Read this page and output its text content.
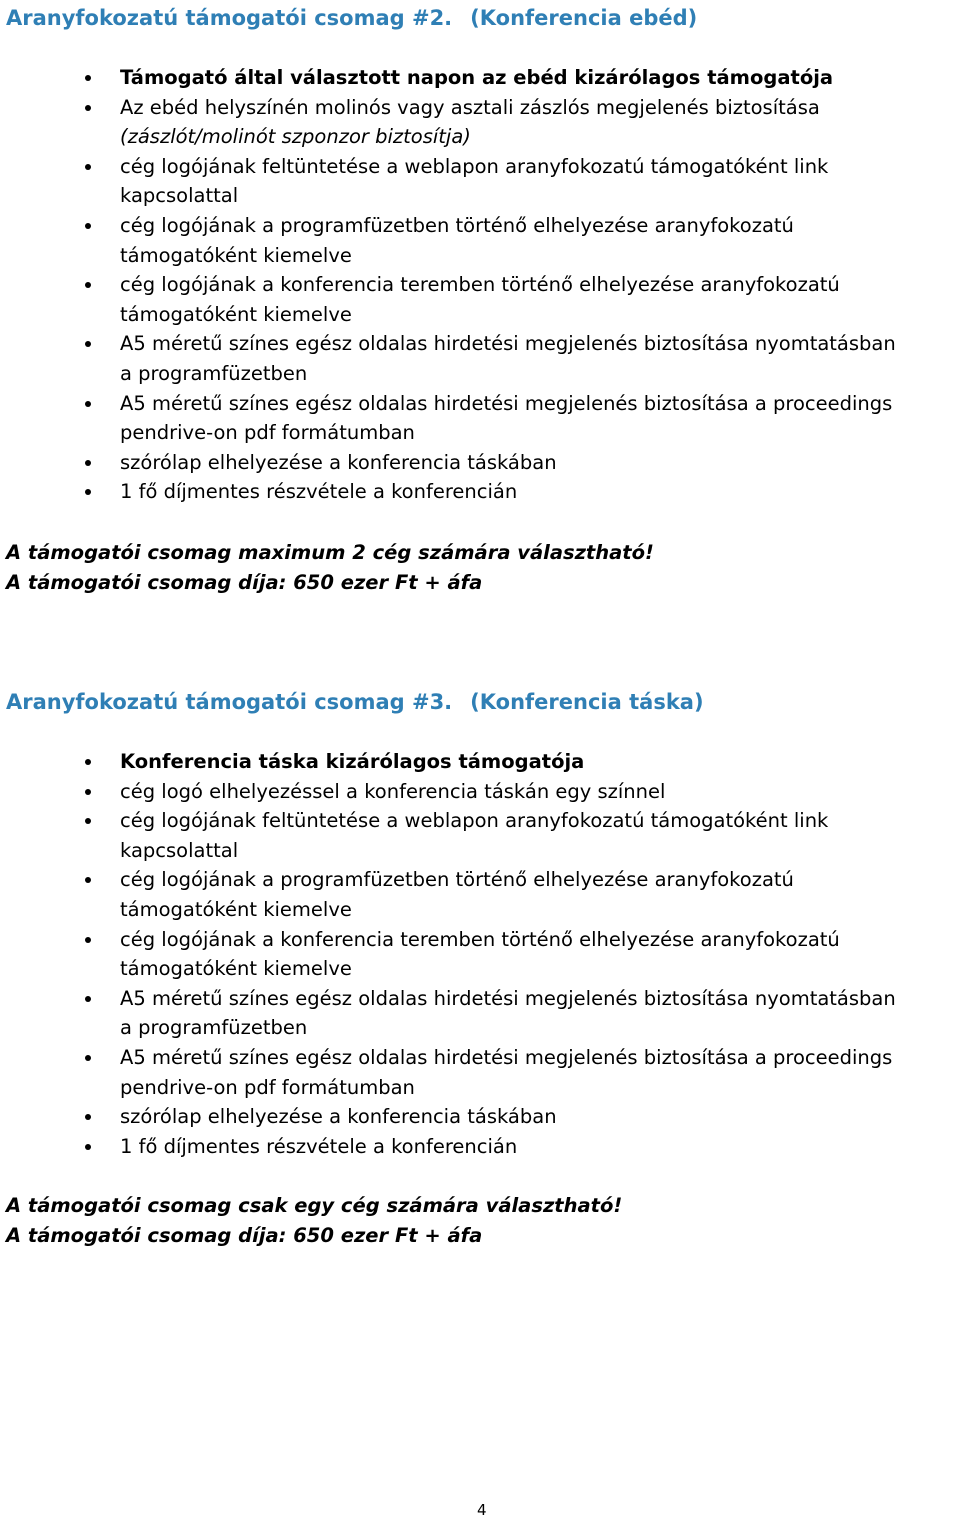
Aranyfokozatú támogatói csomag #2. (Konferencia ebéd)
Támogató által választott napon az ebéd kizárólagos támogatója
Az ebéd helyszínén molinós vagy asztali zászlós megjelenés biztosítása
(zászlót/molinót szponzor biztosítja)
cég logójának feltüntetése a weblapon aranyfokozatú támogatóként link
kapcsolattal
cég logójának a programfüzetben történő elhelyezése aranyfokozatú
támogatóként kiemelve
cég logójának a konferencia teremben történő elhelyezése aranyfokozatú
támogatóként kiemelve
A5 méretű színes egész oldalas hirdetési megjelenés biztosítása nyomtatásban
a programfüzetben
A5 méretű színes egész oldalas hirdetési megjelenés biztosítása a proceedings
pendrive-on pdf formátumban
szórólap elhelyezése a konferencia táskában
1 fő díjmentes részvétele a konferencián
A támogatói csomag maximum 2 cég számára választható!
A támogatói csomag díja: 650 ezer Ft + áfa
Aranyfokozatú támogatói csomag #3. (Konferencia táska)
Konferencia táska kizárólagos támogatója
cég logó elhelyezéssel a konferencia táskán egy színnel
cég logójának feltüntetése a weblapon aranyfokozatú támogatóként link
kapcsolattal
cég logójának a programfüzetben történő elhelyezése aranyfokozatú
támogatóként kiemelve
cég logójának a konferencia teremben történő elhelyezése aranyfokozatú
támogatóként kiemelve
A5 méretű színes egész oldalas hirdetési megjelenés biztosítása nyomtatásban
a programfüzetben
A5 méretű színes egész oldalas hirdetési megjelenés biztosítása a proceedings
pendrive-on pdf formátumban
szórólap elhelyezése a konferencia táskában
1 fő díjmentes részvétele a konferencián
A támogatói csomag csak egy cég számára választható!
A támogatói csomag díja: 650 ezer Ft + áfa
4
